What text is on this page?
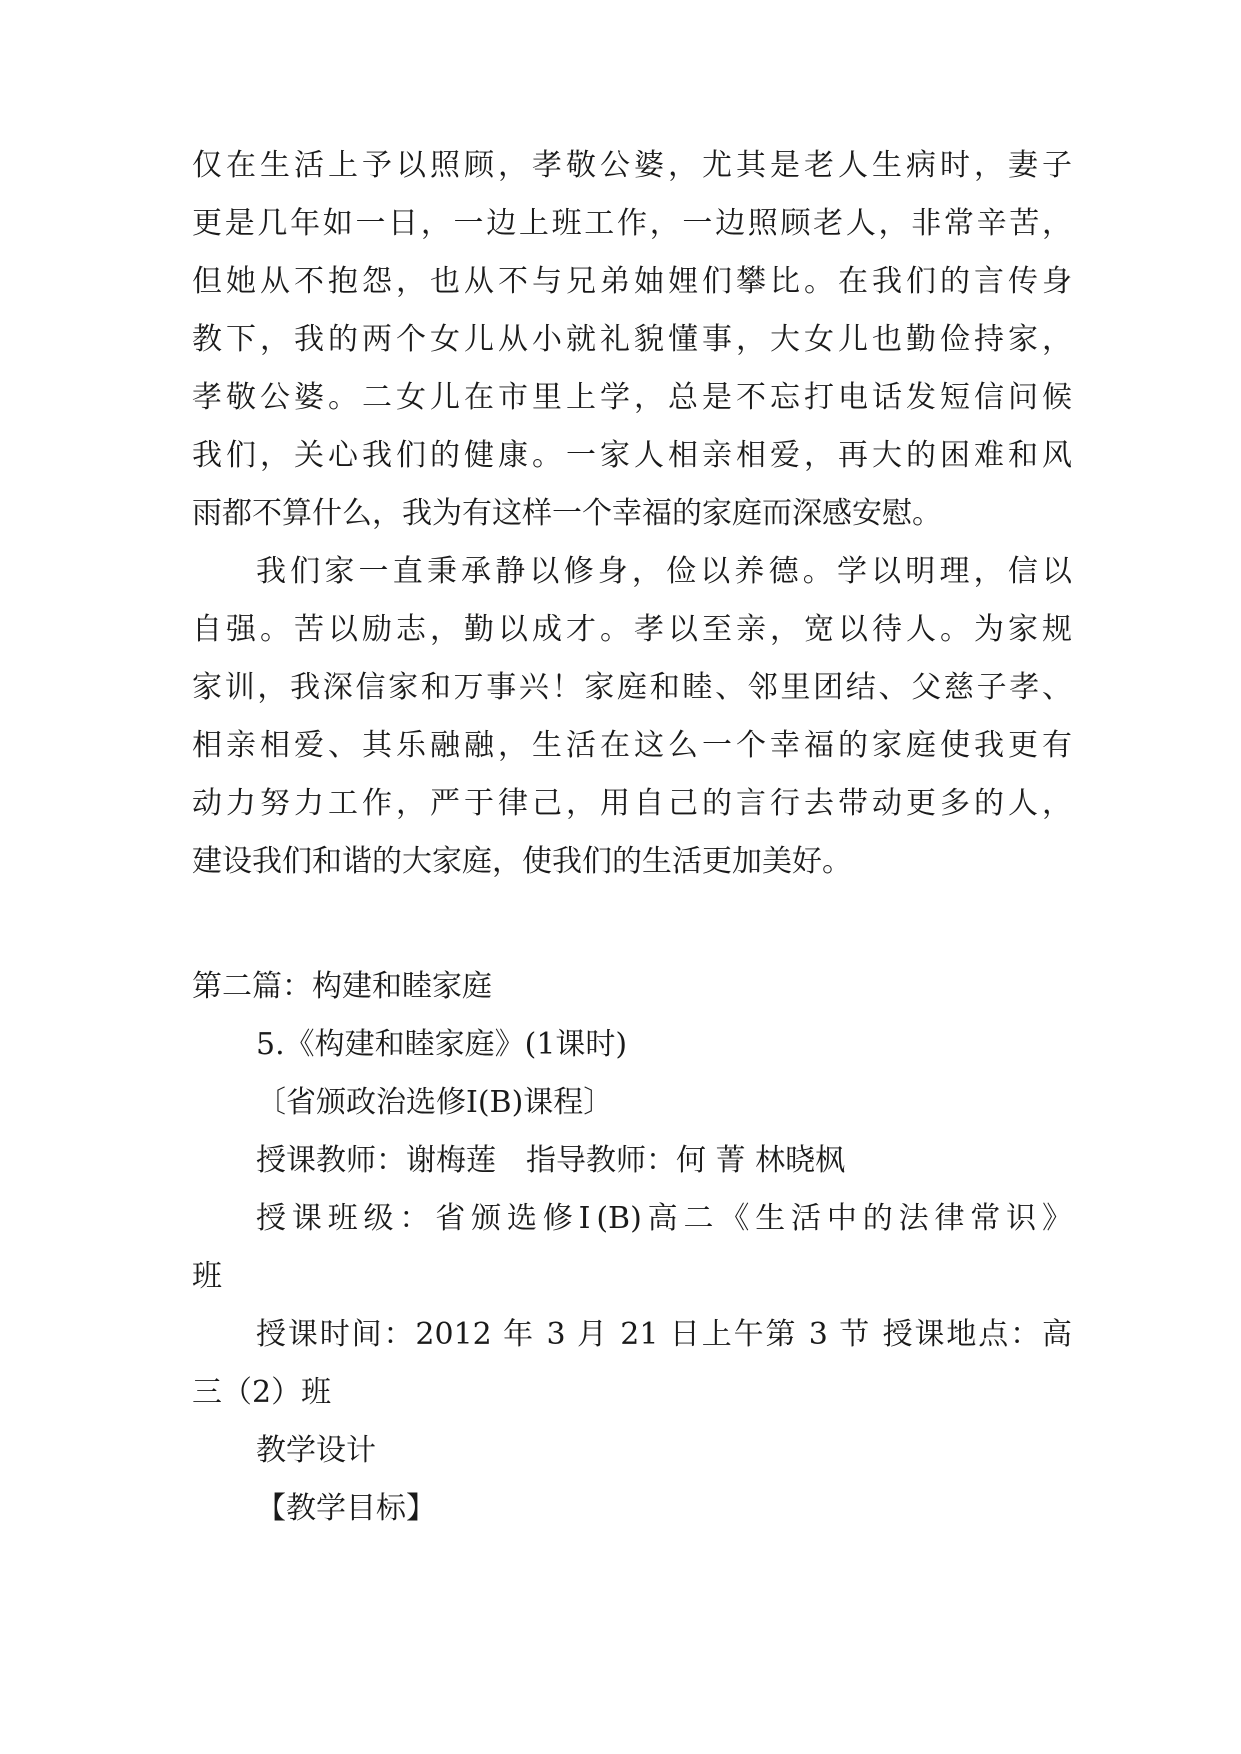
仅在生活上予以照顾，孝敬公婆，尤其是老人生病时，妻子
更是几年如一日，一边上班工作，一边照顾老人，非常辛苦，
但她从不抱怨，也从不与兄弟妯娌们攀比。在我们的言传身
教下，我的两个女儿从小就礼貌懂事，大女儿也勤俭持家，
孝敬公婆。二女儿在市里上学，总是不忘打电话发短信问候
我们，关心我们的健康。一家人相亲相爱，再大的困难和风
雨都不算什么，我为有这样一个幸福的家庭而深感安慰。
我们家一直秉承静以修身，俭以养德。学以明理，信以
自强。苦以励志，勤以成才。孝以至亲，宽以待人。为家规
家训，我深信家和万事兴！家庭和睦、邻里团结、父慈子孝、
相亲相爱、其乐融融，生活在这么一个幸福的家庭使我更有
动力努力工作，严于律己，用自己的言行去带动更多的人，
建设我们和谐的大家庭，使我们的生活更加美好。
第二篇：构建和睦家庭
5.《构建和睦家庭》(1课时)
〔省颁政治选修Ⅰ(B)课程〕
授课教师：谢梅莲　指导教师：何 菁 林晓枫
授课班级：省颁选修Ⅰ(B)高二《生活中的法律常识》
班
授课时间：2012 年 3 月 21 日上午第 3 节 授课地点：高
三（2）班
教学设计
【教学目标】
